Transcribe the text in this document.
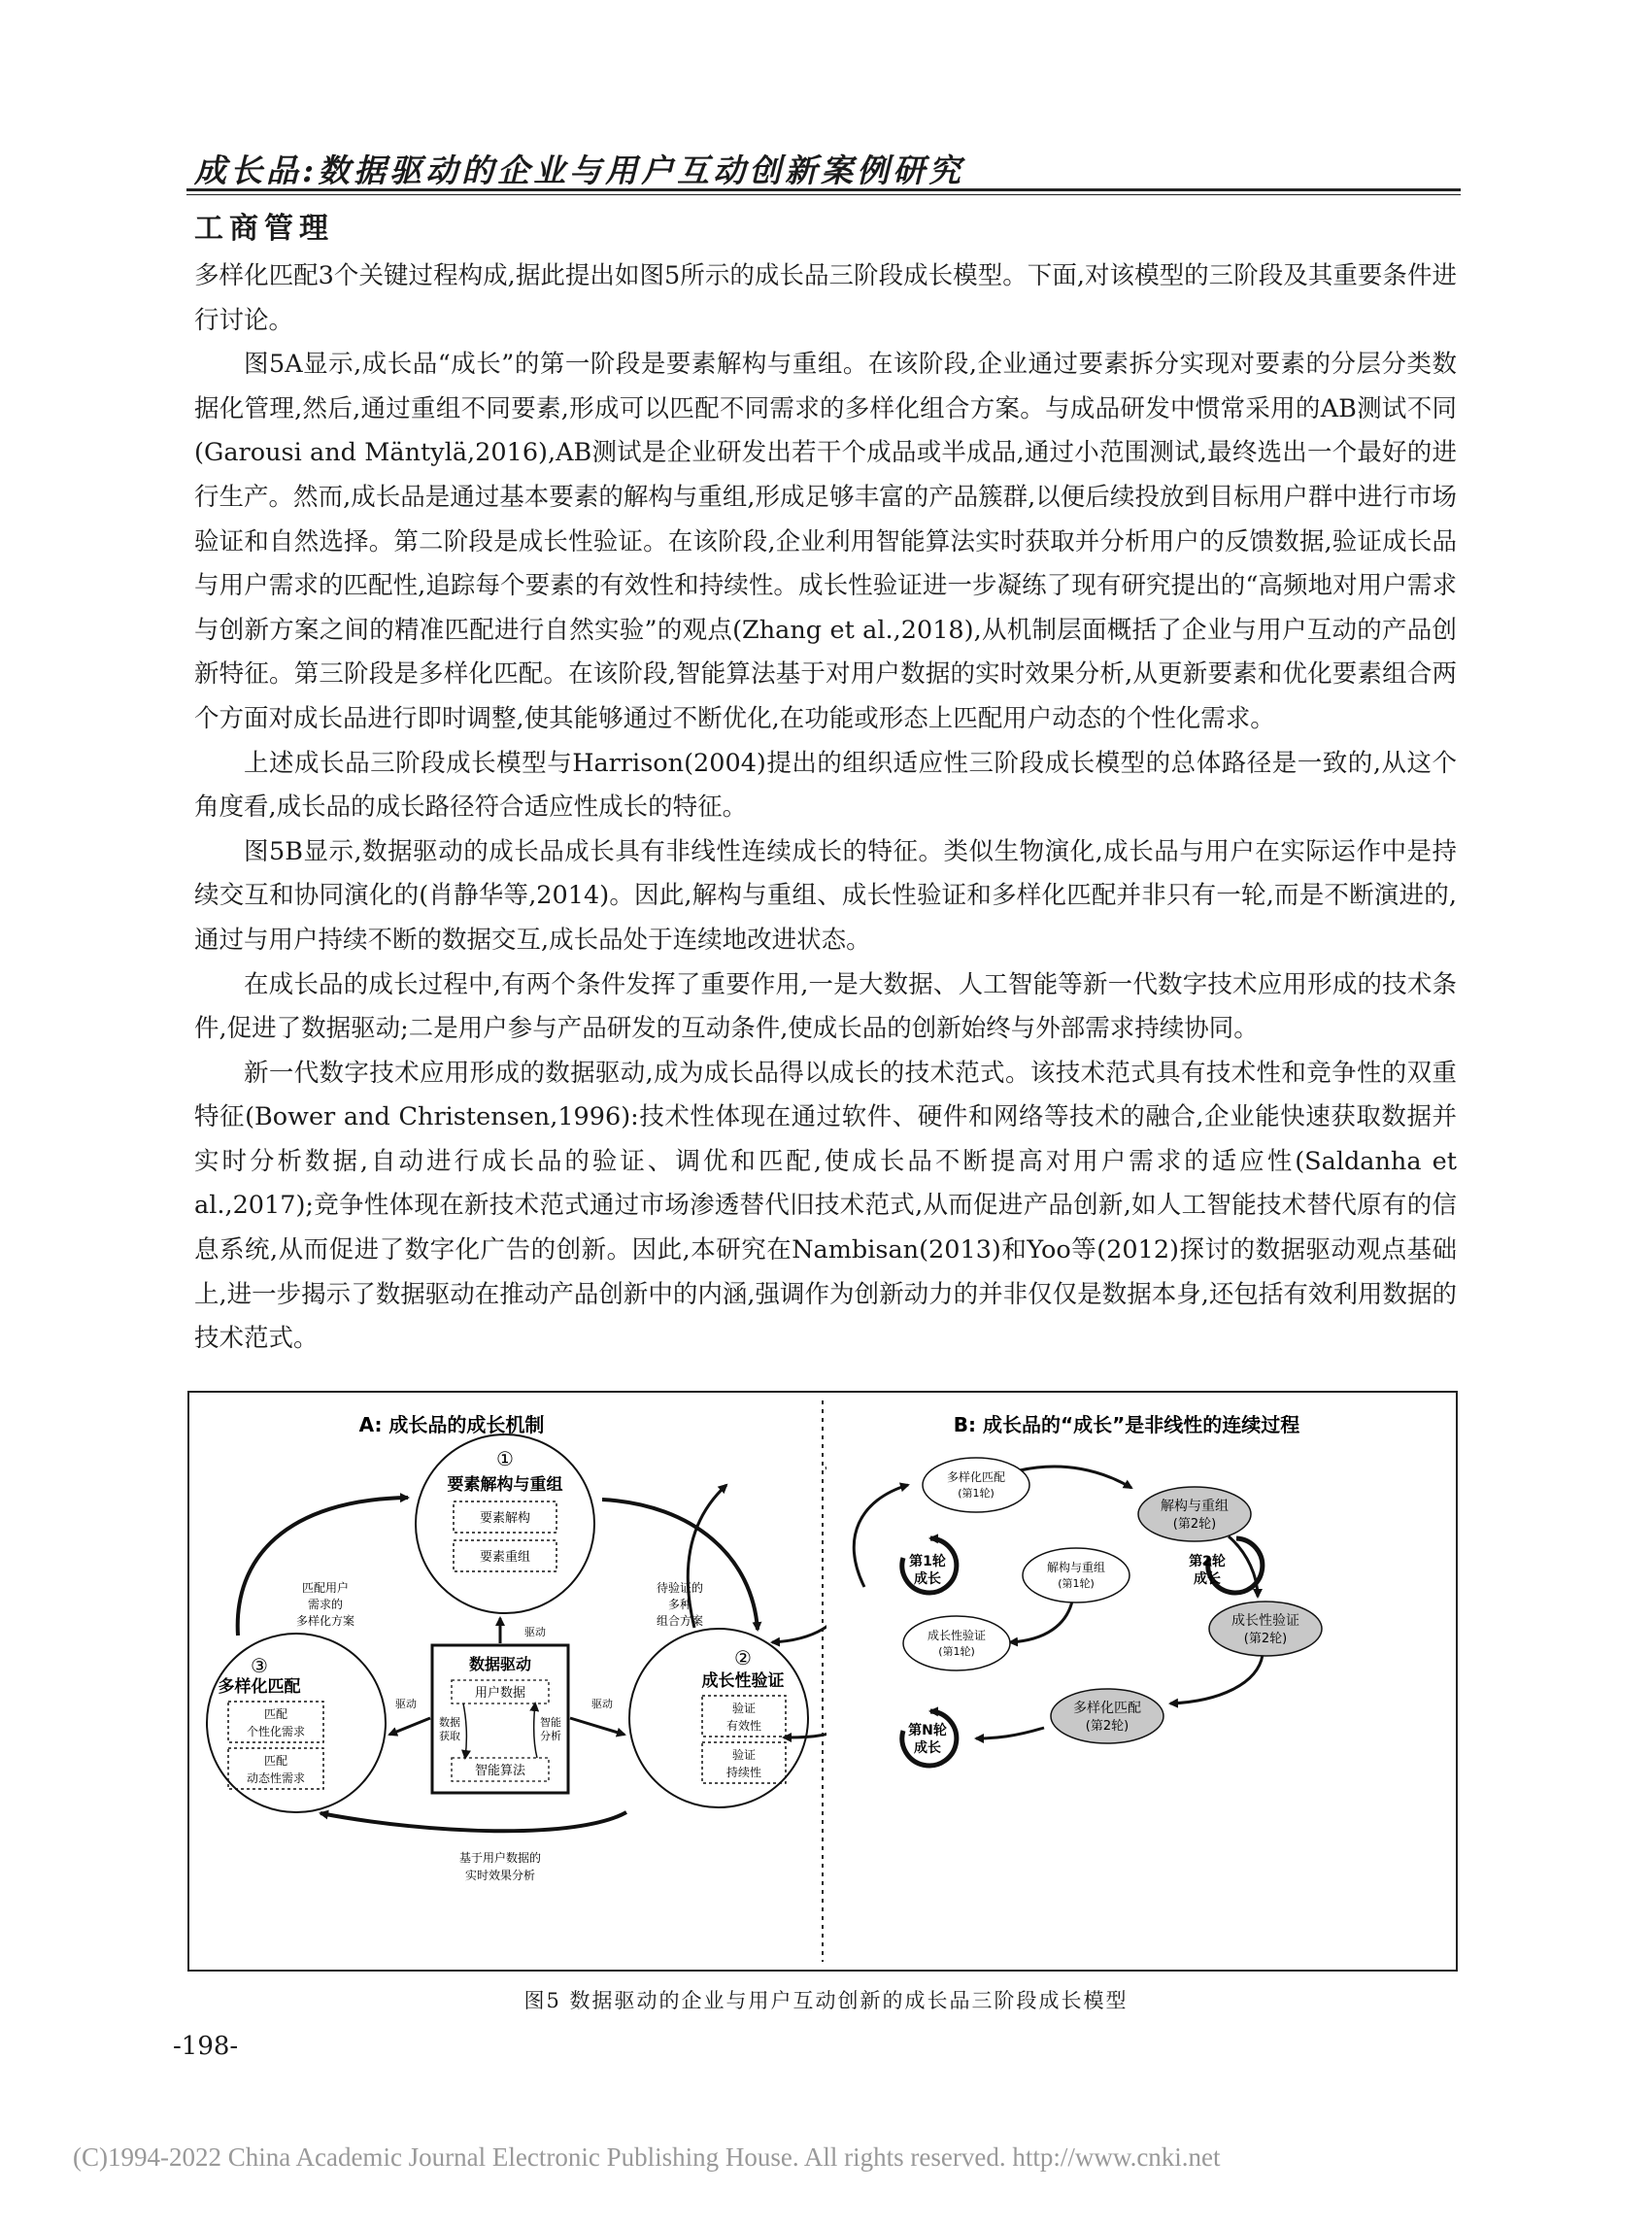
成长品:数据驱动的企业与用户互动创新案例研究
工商管理

多样化匹配3个关键过程构成,据此提出如图5所示的成长品三阶段成长模型。下面,对该模型的三阶段及其重要条件进行讨论。

图5A显示,成长品“成长”的第一阶段是要素解构与重组。在该阶段,企业通过要素拆分实现对要素的分层分类数据化管理,然后,通过重组不同要素,形成可以匹配不同需求的多样化组合方案。与成品研发中惯常采用的AB测试不同(Garousi and Mäntylä,2016),AB测试是企业研发出若干个成品或半成品,通过小范围测试,最终选出一个最好的进行生产。然而,成长品是通过基本要素的解构与重组,形成足够丰富的产品簇群,以便后续投放到目标用户群中进行市场验证和自然选择。第二阶段是成长性验证。在该阶段,企业利用智能算法实时获取并分析用户的反馈数据,验证成长品与用户需求的匹配性,追踪每个要素的有效性和持续性。成长性验证进一步凝练了现有研究提出的“高频地对用户需求与创新方案之间的精准匹配进行自然实验”的观点(Zhang et al.,2018),从机制层面概括了企业与用户互动的产品创新特征。第三阶段是多样化匹配。在该阶段,智能算法基于对用户数据的实时效果分析,从更新要素和优化要素组合两个方面对成长品进行即时调整,使其能够通过不断优化,在功能或形态上匹配用户动态的个性化需求。

上述成长品三阶段成长模型与Harrison(2004)提出的组织适应性三阶段成长模型的总体路径是一致的,从这个角度看,成长品的成长路径符合适应性成长的特征。

图5B显示,数据驱动的成长品成长具有非线性连续成长的特征。类似生物演化,成长品与用户在实际运作中是持续交互和协同演化的(肖静华等,2014)。因此,解构与重组、成长性验证和多样化匹配并非只有一轮,而是不断演进的,通过与用户持续不断的数据交互,成长品处于连续地改进状态。

在成长品的成长过程中,有两个条件发挥了重要作用,一是大数据、人工智能等新一代数字技术应用形成的技术条件,促进了数据驱动;二是用户参与产品研发的互动条件,使成长品的创新始终与外部需求持续协同。

新一代数字技术应用形成的数据驱动,成为成长品得以成长的技术范式。该技术范式具有技术性和竞争性的双重特征(Bower and Christensen,1996):技术性体现在通过软件、硬件和网络等技术的融合,企业能快速获取数据并实时分析数据,自动进行成长品的验证、调优和匹配,使成长品不断提高对用户需求的适应性(Saldanha et al.,2017);竞争性体现在新技术范式通过市场渗透替代旧技术范式,从而促进产品创新,如人工智能技术替代原有的信息系统,从而促进了数字化广告的创新。因此,本研究在Nambisan(2013)和Yoo等(2012)探讨的数据驱动观点基础上,进一步揭示了数据驱动在推动产品创新中的内涵,强调作为创新动力的并非仅仅是数据本身,还包括有效利用数据的技术范式。

A: 成长品的成长机制
①
要素解构与重组
要素解构
要素重组
③
多样化匹配
匹配
个性化需求
匹配
动态性需求
②
成长性验证
验证
有效性
验证
持续性
数据驱动
用户数据
智能算法
数据
获取
智能
分析
驱动
驱动	驱动
匹配用户
需求的
多样化方案
待验证的
多种
组合方案
基于用户数据的
实时效果分析
B: 成长品的“成长”是非线性的连续过程
多样化匹配
(第1轮)
解构与重组
(第2轮)
解构与重组
(第1轮)
成长性验证
(第1轮)
成长性验证
(第2轮)
多样化匹配
(第2轮)
第1轮
成长
第2轮
成长
第N轮
成长
图5 数据驱动的企业与用户互动创新的成长品三阶段成长模型
-198-
(C)1994-2022 China Academic Journal Electronic Publishing House. All rights reserved. http://www.cnki.net
